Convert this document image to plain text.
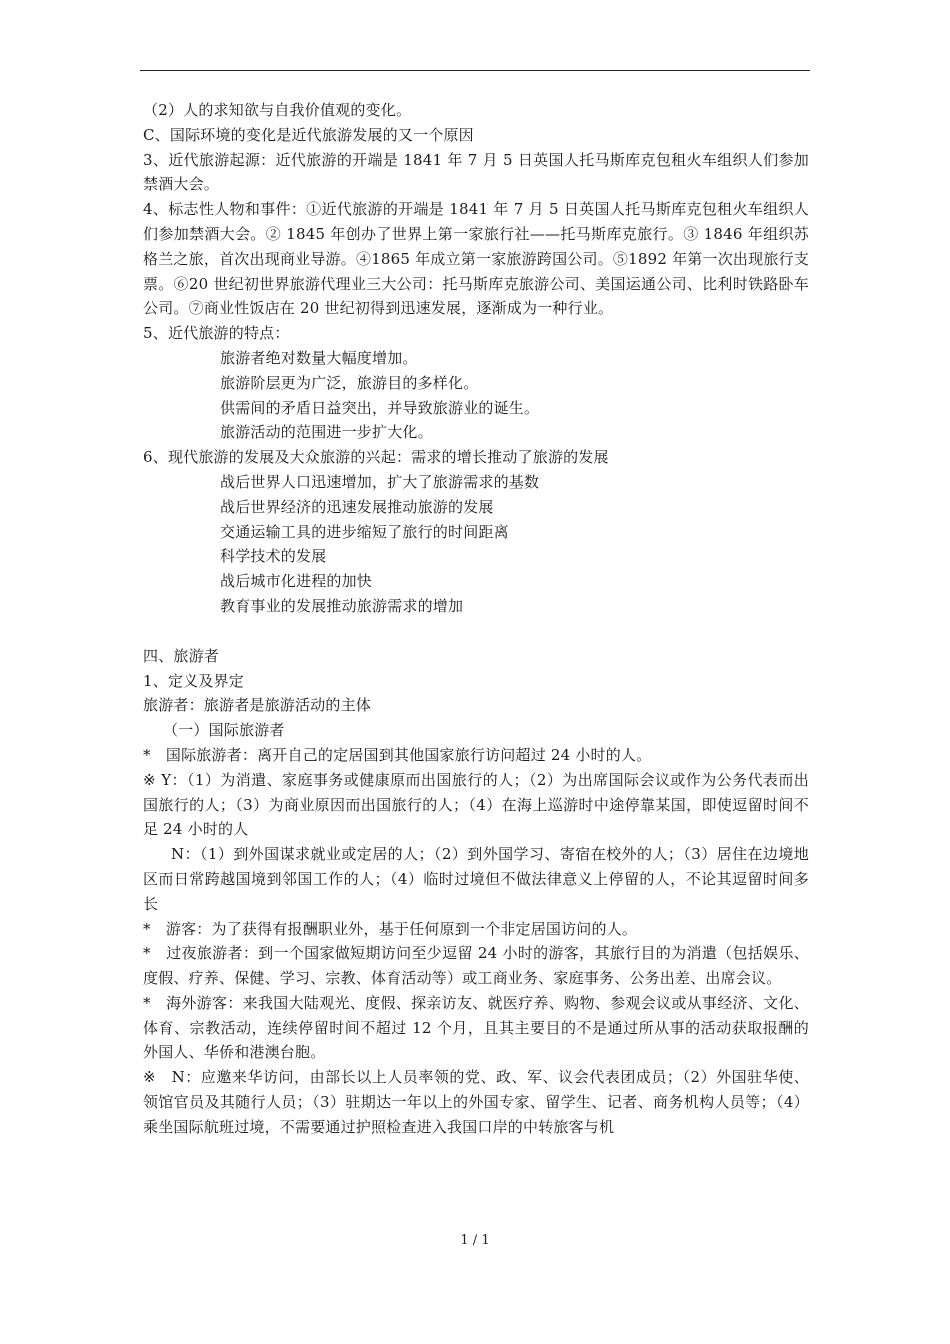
（2）人的求知欲与自我价值观的变化。

C、国际环境的变化是近代旅游发展的又一个原因

3、近代旅游起源：近代旅游的开端是 1841 年 7 月 5 日英国人托马斯库克包租火车组织人们参加禁酒大会。

4、标志性人物和事件：①近代旅游的开端是 1841 年 7 月 5 日英国人托马斯库克包租火车组织人们参加禁酒大会。② 1845 年创办了世界上第一家旅行社——托马斯库克旅行。③ 1846 年组织苏格兰之旅，首次出现商业导游。④1865 年成立第一家旅游跨国公司。⑤1892 年第一次出现旅行支票。⑥20 世纪初世界旅游代理业三大公司：托马斯库克旅游公司、美国运通公司、比利时铁路卧车公司。⑦商业性饭店在 20 世纪初得到迅速发展，逐渐成为一种行业。

5、近代旅游的特点：

旅游者绝对数量大幅度增加。

旅游阶层更为广泛，旅游目的多样化。

供需间的矛盾日益突出，并导致旅游业的诞生。

旅游活动的范围进一步扩大化。

6、现代旅游的发展及大众旅游的兴起：需求的增长推动了旅游的发展

战后世界人口迅速增加，扩大了旅游需求的基数

战后世界经济的迅速发展推动旅游的发展

交通运输工具的进步缩短了旅行的时间距离

科学技术的发展

战后城市化进程的加快

教育事业的发展推动旅游需求的增加

四、旅游者

1、定义及界定

旅游者：旅游者是旅游活动的主体

（一）国际旅游者

*　国际旅游者：离开自己的定居国到其他国家旅行访问超过 24 小时的人。

※ Y：（1）为消遣、家庭事务或健康原而出国旅行的人；（2）为出席国际会议或作为公务代表而出国旅行的人；（3）为商业原因而出国旅行的人；（4）在海上巡游时中途停靠某国，即使逗留时间不足 24 小时的人

N：（1）到外国谋求就业或定居的人；（2）到外国学习、寄宿在校外的人；（3）居住在边境地区而日常跨越国境到邻国工作的人；（4）临时过境但不做法律意义上停留的人，不论其逗留时间多长

*　游客：为了获得有报酬职业外，基于任何原到一个非定居国访问的人。

*　过夜旅游者：到一个国家做短期访问至少逗留 24 小时的游客，其旅行目的为消遣（包括娱乐、度假、疗养、保健、学习、宗教、体育活动等）或工商业务、家庭事务、公务出差、出席会议。

*　海外游客：来我国大陆观光、度假、探亲访友、就医疗养、购物、参观会议或从事经济、文化、体育、宗教活动，连续停留时间不超过 12 个月，且其主要目的不是通过所从事的活动获取报酬的外国人、华侨和港澳台胞。

※　N：应邀来华访问，由部长以上人员率领的党、政、军、议会代表团成员；（2）外国驻华使、领馆官员及其随行人员；（3）驻期达一年以上的外国专家、留学生、记者、商务机构人员等；（4）乘坐国际航班过境，不需要通过护照检查进入我国口岸的中转旅客与机

1 / 1
